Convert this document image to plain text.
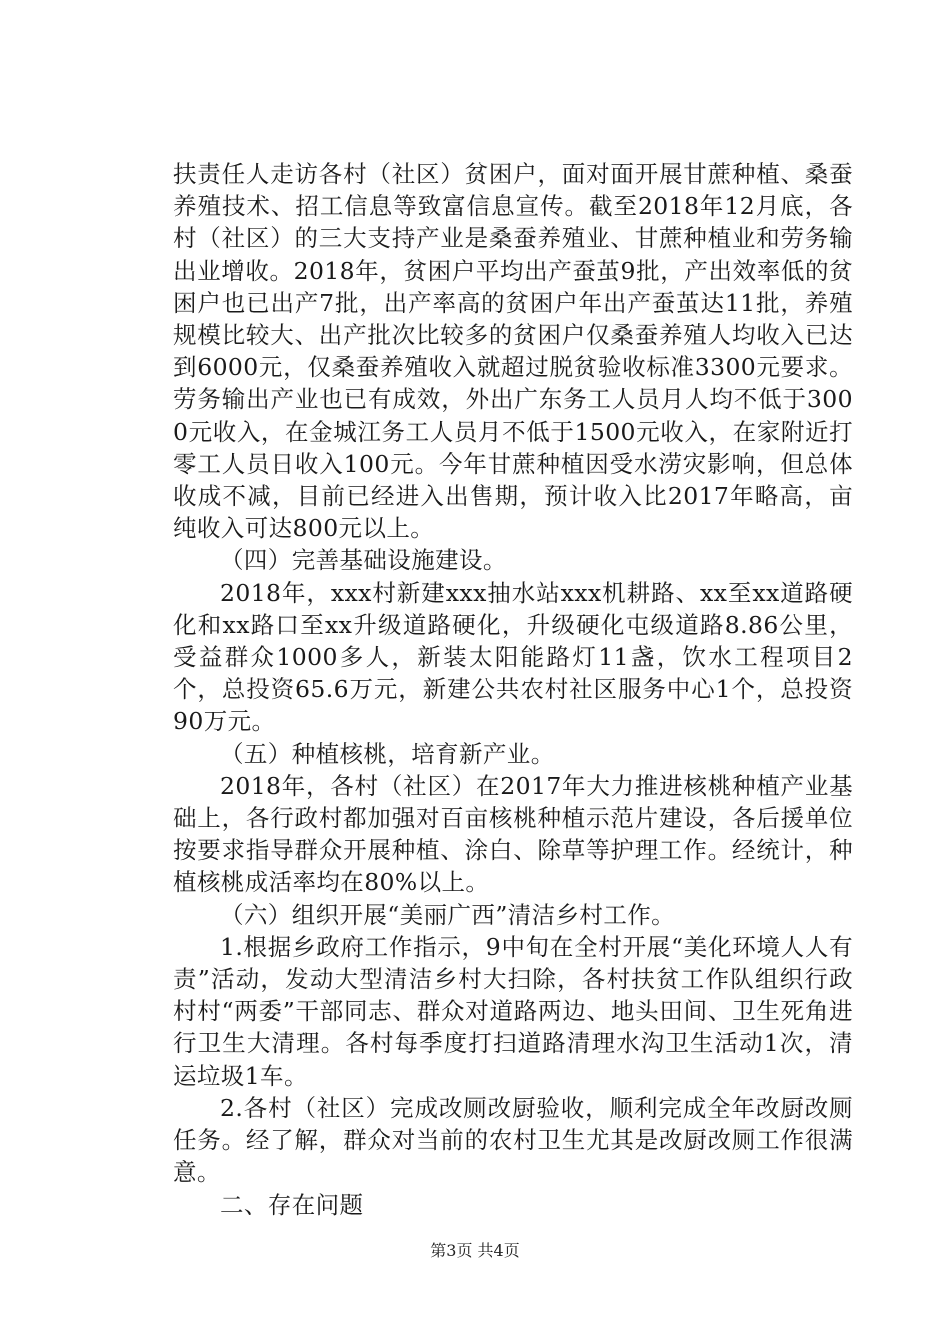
扶责任人走访各村（社区）贫困户，面对面开展甘蔗种植、桑蚕养殖技术、招工信息等致富信息宣传。截至2018年12月底，各村（社区）的三大支持产业是桑蚕养殖业、甘蔗种植业和劳务输出业增收。2018年，贫困户平均出产蚕茧9批，产出效率低的贫困户也已出产7批，出产率高的贫困户年出产蚕茧达11批，养殖规模比较大、出产批次比较多的贫困户仅桑蚕养殖人均收入已达到6000元，仅桑蚕养殖收入就超过脱贫验收标准3300元要求。劳务输出产业也已有成效，外出广东务工人员月人均不低于3000元收入，在金城江务工人员月不低于1500元收入，在家附近打零工人员日收入100元。今年甘蔗种植因受水涝灾影响，但总体收成不减，目前已经进入出售期，预计收入比2017年略高，亩纯收入可达800元以上。

（四）完善基础设施建设。

2018年，xxx村新建xxx抽水站xxx机耕路、xx至xx道路硬化和xx路口至xx升级道路硬化，升级硬化屯级道路8.86公里，受益群众1000多人，新装太阳能路灯11盏，饮水工程项目2个，总投资65.6万元，新建公共农村社区服务中心1个，总投资90万元。

（五）种植核桃，培育新产业。

2018年，各村（社区）在2017年大力推进核桃种植产业基础上，各行政村都加强对百亩核桃种植示范片建设，各后援单位按要求指导群众开展种植、涂白、除草等护理工作。经统计，种植核桃成活率均在80%以上。

（六）组织开展“美丽广西”清洁乡村工作。

1.根据乡政府工作指示，9中旬在全村开展“美化环境人人有责”活动，发动大型清洁乡村大扫除，各村扶贫工作队组织行政村村“两委”干部同志、群众对道路两边、地头田间、卫生死角进行卫生大清理。各村每季度打扫道路清理水沟卫生活动1次，清运垃圾1车。

2.各村（社区）完成改厕改厨验收，顺利完成全年改厨改厕任务。经了解，群众对当前的农村卫生尤其是改厨改厕工作很满意。

二、存在问题

第3页 共4页
